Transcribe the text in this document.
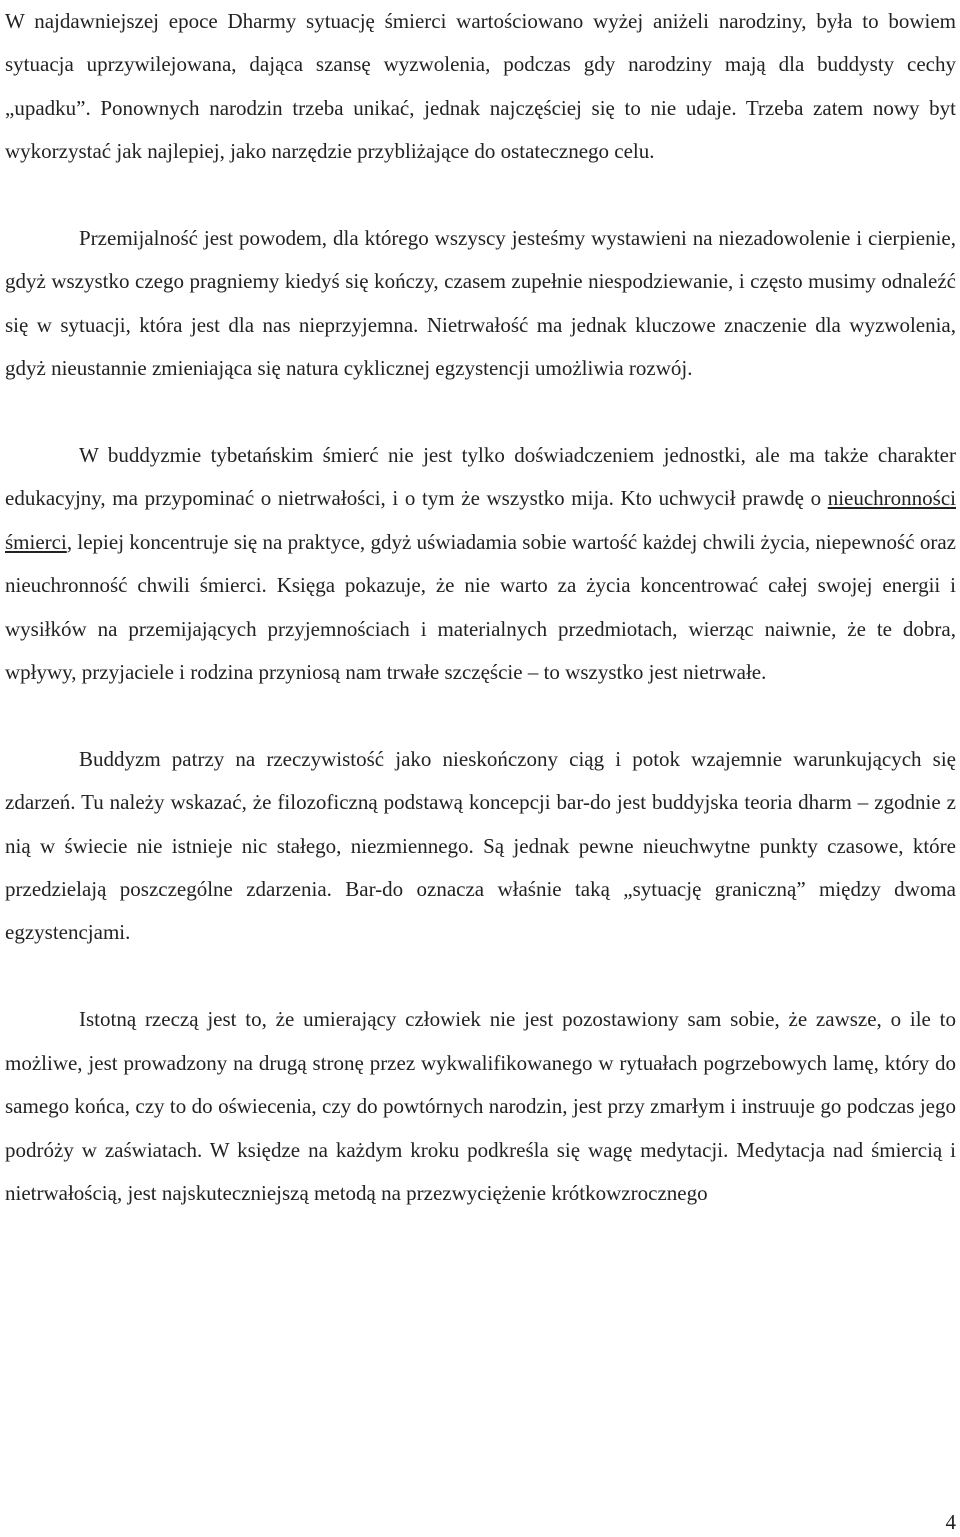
W najdawniejszej epoce Dharmy sytuację śmierci wartościowano wyżej aniżeli narodziny, była to bowiem sytuacja uprzywilejowana, dająca szansę wyzwolenia, podczas gdy narodziny mają dla buddysty cechy „upadku”. Ponownych narodzin trzeba unikać, jednak najczęściej się to nie udaje. Trzeba zatem nowy byt wykorzystać jak najlepiej, jako narzędzie przybliżające do ostatecznego celu.

Przemijalność jest powodem, dla którego wszyscy jesteśmy wystawieni na niezadowolenie i cierpienie, gdyż wszystko czego pragniemy kiedyś się kończy, czasem zupełnie niespodziewanie, i często musimy odnaleźć się w sytuacji, która jest dla nas nieprzyjemna. Nietrwałość ma jednak kluczowe znaczenie dla wyzwolenia, gdyż nieustannie zmieniająca się natura cyklicznej egzystencji umożliwia rozwój.

W buddyzmie tybetańskim śmierć nie jest tylko doświadczeniem jednostki, ale ma także charakter edukacyjny, ma przypominać o nietrwałości, i o tym że wszystko mija. Kto uchwycił prawdę o nieuchronności śmierci, lepiej koncentruje się na praktyce, gdyż uświadamia sobie wartość każdej chwili życia, niepewność oraz nieuchronność chwili śmierci. Księga pokazuje, że nie warto za życia koncentrować całej swojej energii i wysiłków na przemijających przyjemnościach i materialnych przedmiotach, wierząc naiwnie, że te dobra, wpływy, przyjaciele i rodzina przyniosą nam trwałe szczęście – to wszystko jest nietrwałe.

Buddyzm patrzy na rzeczywistość jako nieskończony ciąg i potok wzajemnie warunkujących się zdarzeń. Tu należy wskazać, że filozoficzną podstawą koncepcji bar-do jest buddyjska teoria dharm – zgodnie z nią w świecie nie istnieje nic stałego, niezmiennego. Są jednak pewne nieuchwytne punkty czasowe, które przedzielają poszczególne zdarzenia. Bar-do oznacza właśnie taką „sytuację graniczną” między dwoma egzystencjami.

Istotną rzeczą jest to, że umierający człowiek nie jest pozostawiony sam sobie, że zawsze, o ile to możliwe, jest prowadzony na drugą stronę przez wykwalifikowanego w rytuałach pogrzebowych lamę, który do samego końca, czy to do oświecenia, czy do powtórnych narodzin, jest przy zmarłym i instruuje go podczas jego podróży w zaświatach. W księdze na każdym kroku podkreśla się wagę medytacji. Medytacja nad śmiercią i nietrwałością, jest najskuteczniejszą metodą na przezwyciężenie krótkowzrocznego

4
